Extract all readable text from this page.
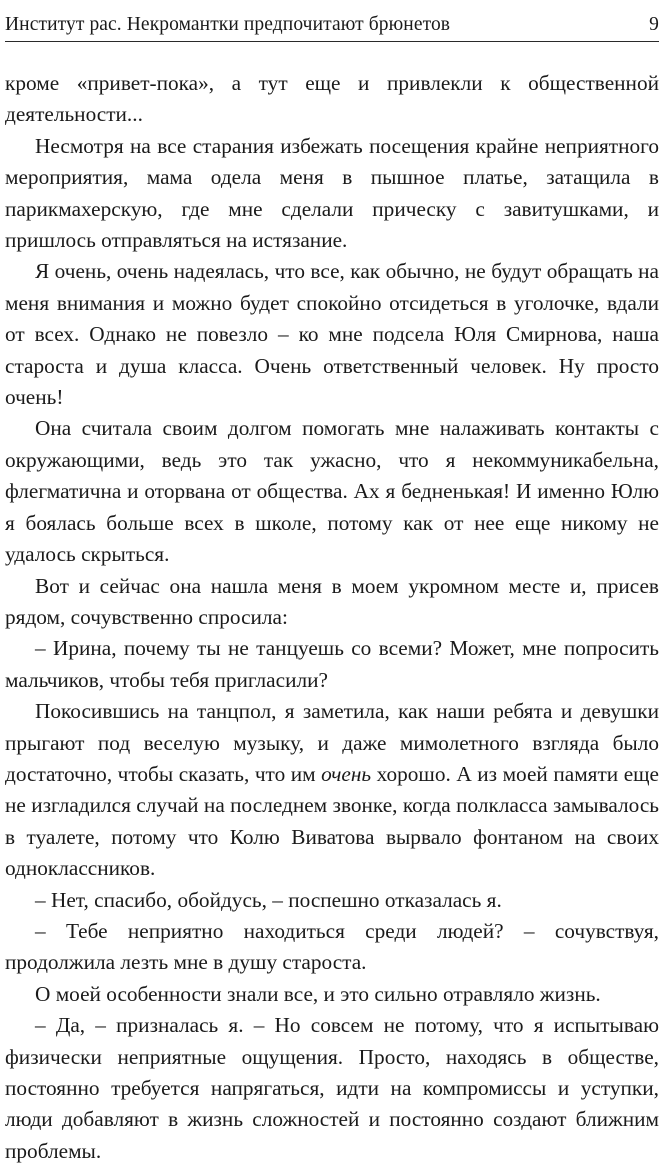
Институт рас. Некромантки предпочитают брюнетов	9

кроме «привет-пока», а тут еще и привлекли к общественной деятельности...

Несмотря на все старания избежать посещения крайне неприятного мероприятия, мама одела меня в пышное платье, затащила в парикмахерскую, где мне сделали прическу с завитушками, и пришлось отправляться на истязание.

Я очень, очень надеялась, что все, как обычно, не будут обращать на меня внимания и можно будет спокойно отсидеться в уголочке, вдали от всех. Однако не повезло – ко мне подсела Юля Смирнова, наша староста и душа класса. Очень ответственный человек. Ну просто очень!

Она считала своим долгом помогать мне налаживать контакты с окружающими, ведь это так ужасно, что я некоммуникабельна, флегматична и оторвана от общества. Ах я бедненькая! И именно Юлю я боялась больше всех в школе, потому как от нее еще никому не удалось скрыться.

Вот и сейчас она нашла меня в моем укромном месте и, присев рядом, сочувственно спросила:

– Ирина, почему ты не танцуешь со всеми? Может, мне попросить мальчиков, чтобы тебя пригласили?

Покосившись на танцпол, я заметила, как наши ребята и девушки прыгают под веселую музыку, и даже мимолетного взгляда было достаточно, чтобы сказать, что им очень хорошо. А из моей памяти еще не изгладился случай на последнем звонке, когда полкласса замывалось в туалете, потому что Колю Виватова вырвало фонтаном на своих одноклассников.

– Нет, спасибо, обойдусь, – поспешно отказалась я.

– Тебе неприятно находиться среди людей? – сочувствуя, продолжила лезть мне в душу староста.

О моей особенности знали все, и это сильно отравляло жизнь.

– Да, – призналась я. – Но совсем не потому, что я испытываю физически неприятные ощущения. Просто, находясь в обществе, постоянно требуется напрягаться, идти на компромиссы и уступки, люди добавляют в жизнь сложностей и постоянно создают ближним проблемы.
